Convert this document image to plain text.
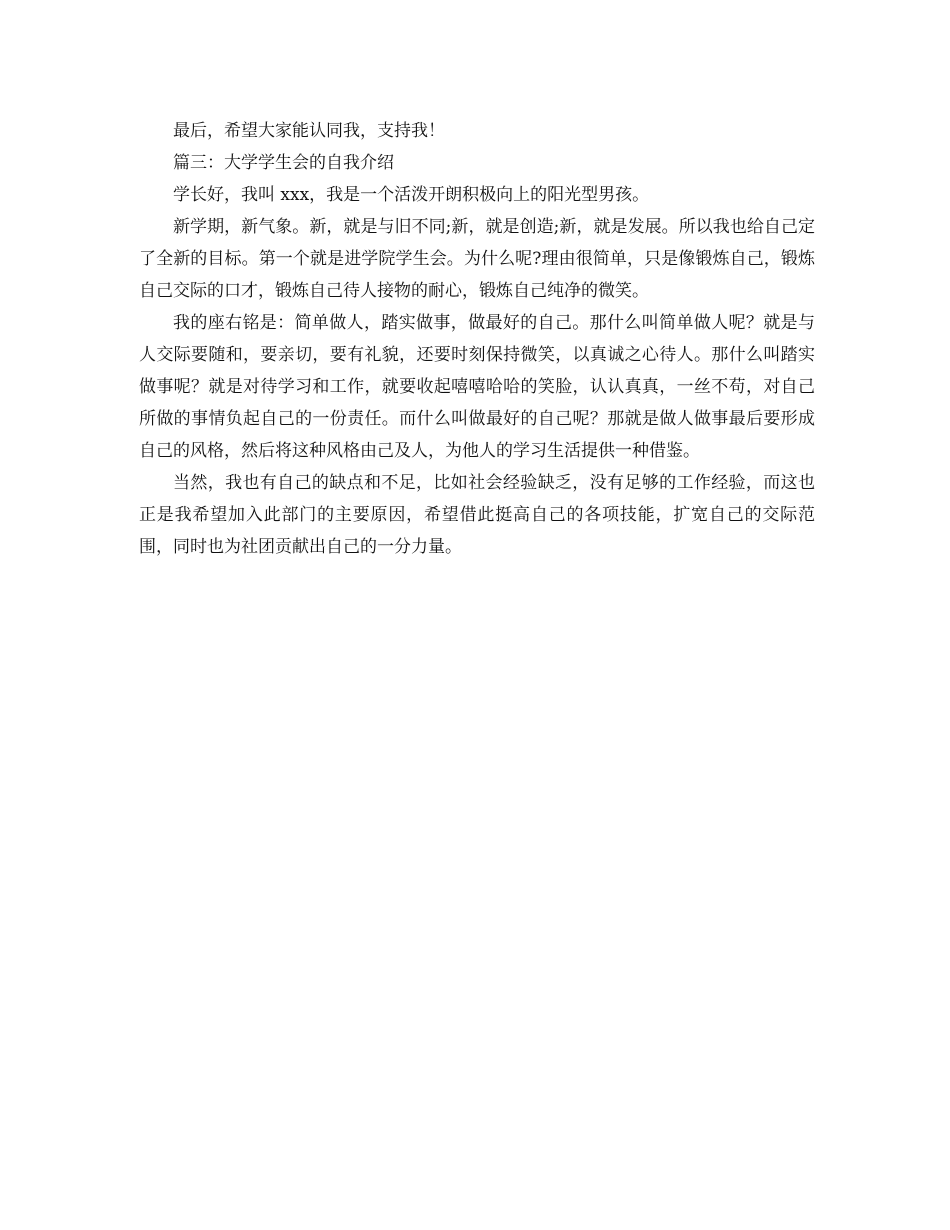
最后，希望大家能认同我，支持我！

篇三：大学学生会的自我介绍

学长好，我叫 xxx，我是一个活泼开朗积极向上的阳光型男孩。

新学期，新气象。新，就是与旧不同;新，就是创造;新，就是发展。所以我也给自己定了全新的目标。第一个就是进学院学生会。为什么呢?理由很简单，只是像锻炼自己，锻炼自己交际的口才，锻炼自己待人接物的耐心，锻炼自己纯净的微笑。

我的座右铭是：简单做人，踏实做事，做最好的自己。那什么叫简单做人呢？就是与人交际要随和，要亲切，要有礼貌，还要时刻保持微笑，以真诚之心待人。那什么叫踏实做事呢？就是对待学习和工作，就要收起嘻嘻哈哈的笑脸，认认真真，一丝不苟，对自己所做的事情负起自己的一份责任。而什么叫做最好的自己呢？那就是做人做事最后要形成自己的风格，然后将这种风格由己及人，为他人的学习生活提供一种借鉴。

当然，我也有自己的缺点和不足，比如社会经验缺乏，没有足够的工作经验，而这也正是我希望加入此部门的主要原因，希望借此挺高自己的各项技能，扩宽自己的交际范围，同时也为社团贡献出自己的一分力量。
